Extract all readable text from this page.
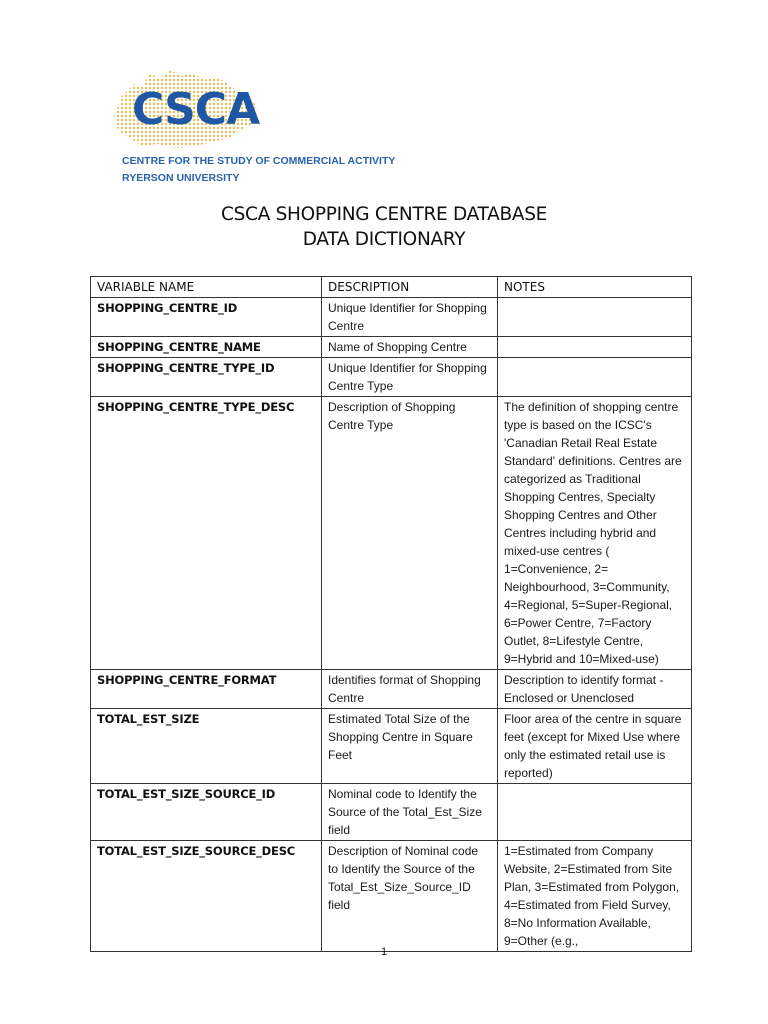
CSCA
CENTRE FOR THE STUDY OF COMMERCIAL ACTIVITY
RYERSON UNIVERSITY
CSCA SHOPPING CENTRE DATABASE
DATA DICTIONARY
VARIABLE NAME	DESCRIPTION	NOTES
SHOPPING_CENTRE_ID	Unique Identifier for Shopping Centre	
SHOPPING_CENTRE_NAME	Name of Shopping Centre	
SHOPPING_CENTRE_TYPE_ID	Unique Identifier for Shopping Centre Type	
SHOPPING_CENTRE_TYPE_DESC	Description of Shopping Centre Type	The definition of shopping centre type is based on the ICSC's 'Canadian Retail Real Estate Standard' definitions. Centres are categorized as Traditional Shopping Centres, Specialty Shopping Centres and Other Centres including hybrid and mixed-use centres ( 1=Convenience, 2= Neighbourhood, 3=Community, 4=Regional, 5=Super-Regional, 6=Power Centre, 7=Factory Outlet, 8=Lifestyle Centre, 9=Hybrid and 10=Mixed-use)
SHOPPING_CENTRE_FORMAT	Identifies format of Shopping Centre	Description to identify format - Enclosed or Unenclosed
TOTAL_EST_SIZE	Estimated Total Size of the Shopping Centre in Square Feet	Floor area of the centre in square feet (except for Mixed Use where only the estimated retail use is reported)
TOTAL_EST_SIZE_SOURCE_ID	Nominal code to Identify the Source of the Total_Est_Size field	
TOTAL_EST_SIZE_SOURCE_DESC	Description of Nominal code to Identify the Source of the Total_Est_Size_Source_ID field	1=Estimated from Company Website, 2=Estimated from Site Plan, 3=Estimated from Polygon, 4=Estimated from Field Survey, 8=No Information Available, 9=Other (e.g.,
1
